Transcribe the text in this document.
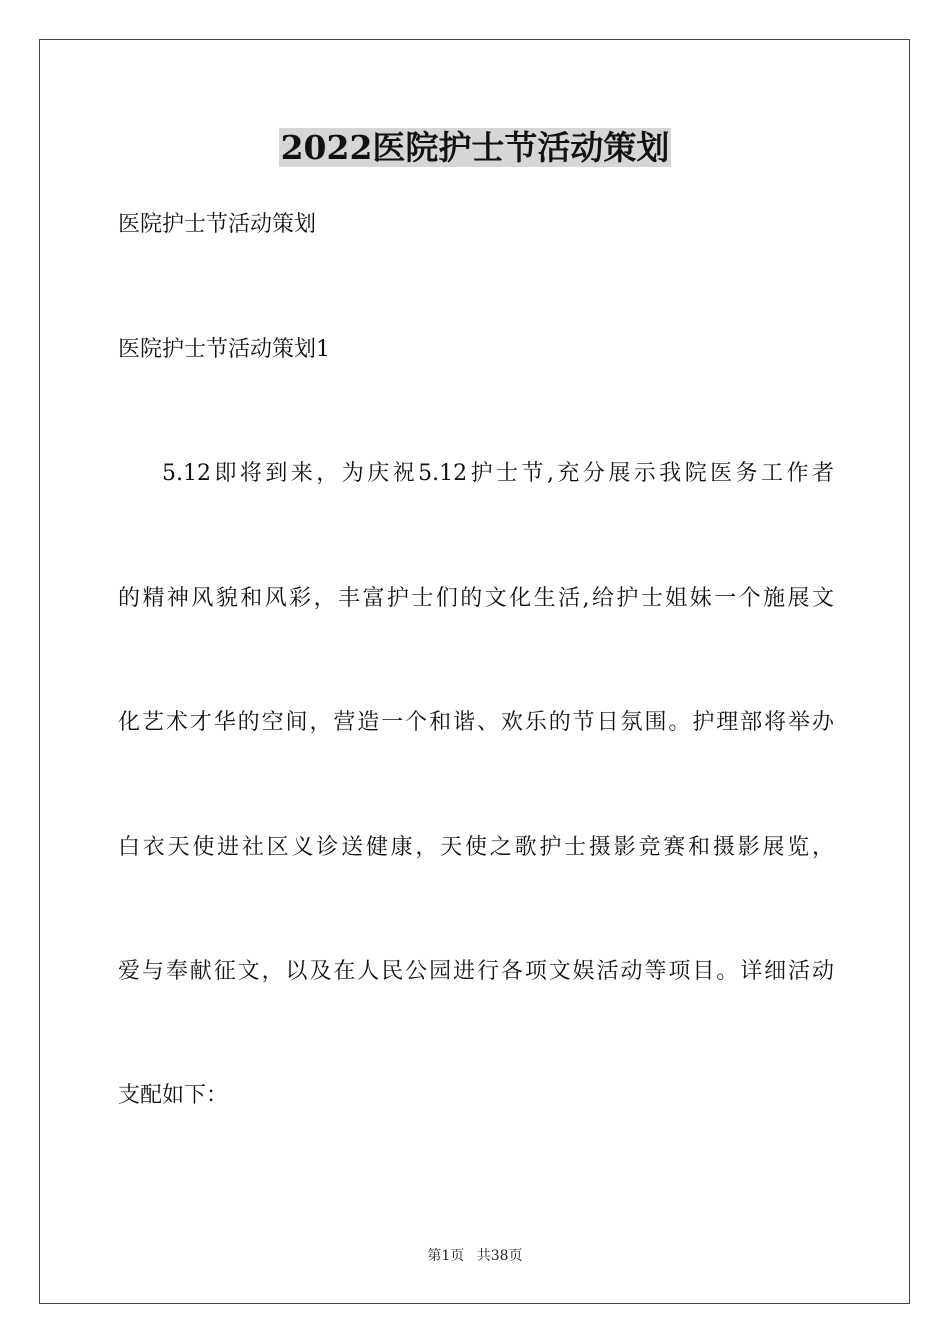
2022医院护士节活动策划
医院护士节活动策划
医院护士节活动策划1
5.12即将到来，为庆祝5.12护士节,充分展示我院医务工作者
的精神风貌和风彩，丰富护士们的文化生活,给护士姐妹一个施展文
化艺术才华的空间，营造一个和谐、欢乐的节日氛围。护理部将举办
白衣天使进社区义诊送健康，天使之歌护士摄影竞赛和摄影展览，
爱与奉献征文，以及在人民公园进行各项文娱活动等项目。详细活动
支配如下：
第1页 共38页
